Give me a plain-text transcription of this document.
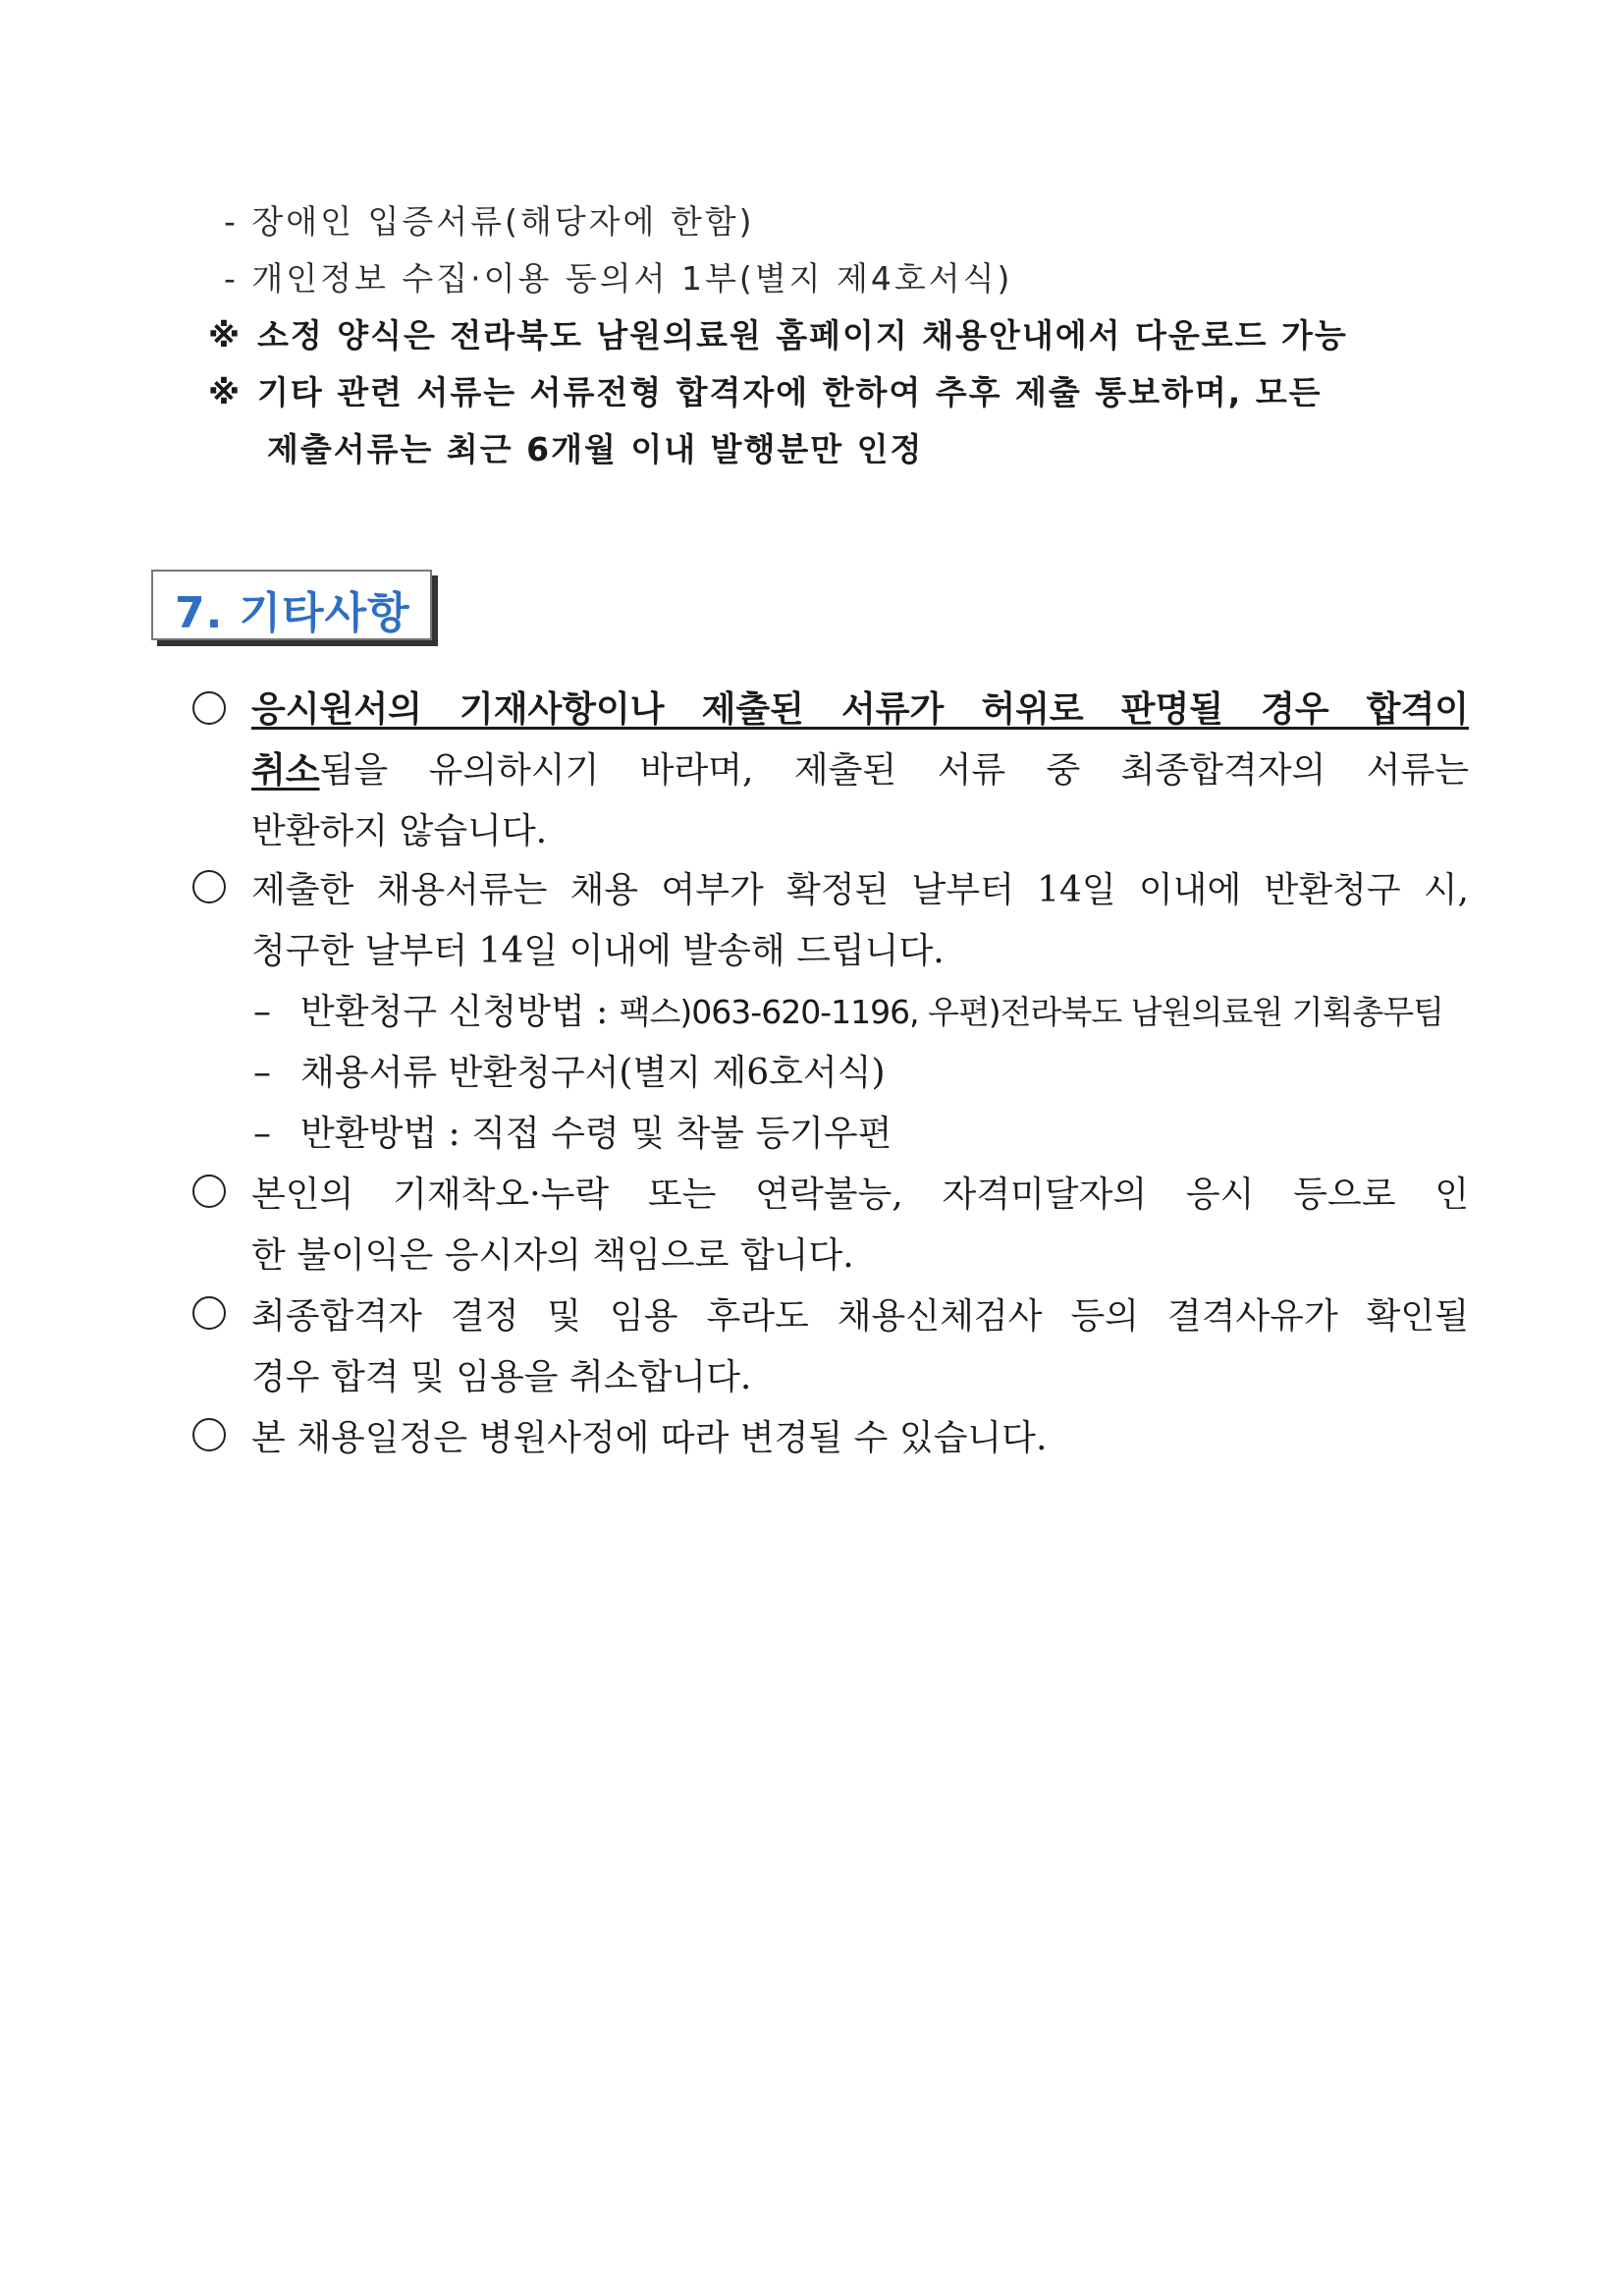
- 장애인 입증서류(해당자에 한함)
- 개인정보 수집·이용 동의서 1부(별지 제4호서식)
※ 소정 양식은 전라북도 남원의료원 홈페이지 채용안내에서 다운로드 가능
※ 기타 관련 서류는 서류전형 합격자에 한하여 추후 제출 통보하며, 모든
제출서류는 최근 6개월 이내 발행분만 인정
7. 기타사항
응시원서의 기재사항이나 제출된 서류가 허위로 판명될 경우 합격이
취소됨을 유의하시기 바라며, 제출된 서류 중 최종합격자의 서류는
반환하지 않습니다.
제출한 채용서류는 채용 여부가 확정된 날부터 14일 이내에 반환청구 시,
청구한 날부터 14일 이내에 발송해 드립니다.
– 반환청구 신청방법 : 팩스)063-620-1196, 우편)전라북도 남원의료원 기획총무팀
– 채용서류 반환청구서(별지 제6호서식)
– 반환방법 : 직접 수령 및 착불 등기우편
본인의 기재착오·누락 또는 연락불능, 자격미달자의 응시 등으로 인
한 불이익은 응시자의 책임으로 합니다.
최종합격자 결정 및 임용 후라도 채용신체검사 등의 결격사유가 확인될
경우 합격 및 임용을 취소합니다.
본 채용일정은 병원사정에 따라 변경될 수 있습니다.
